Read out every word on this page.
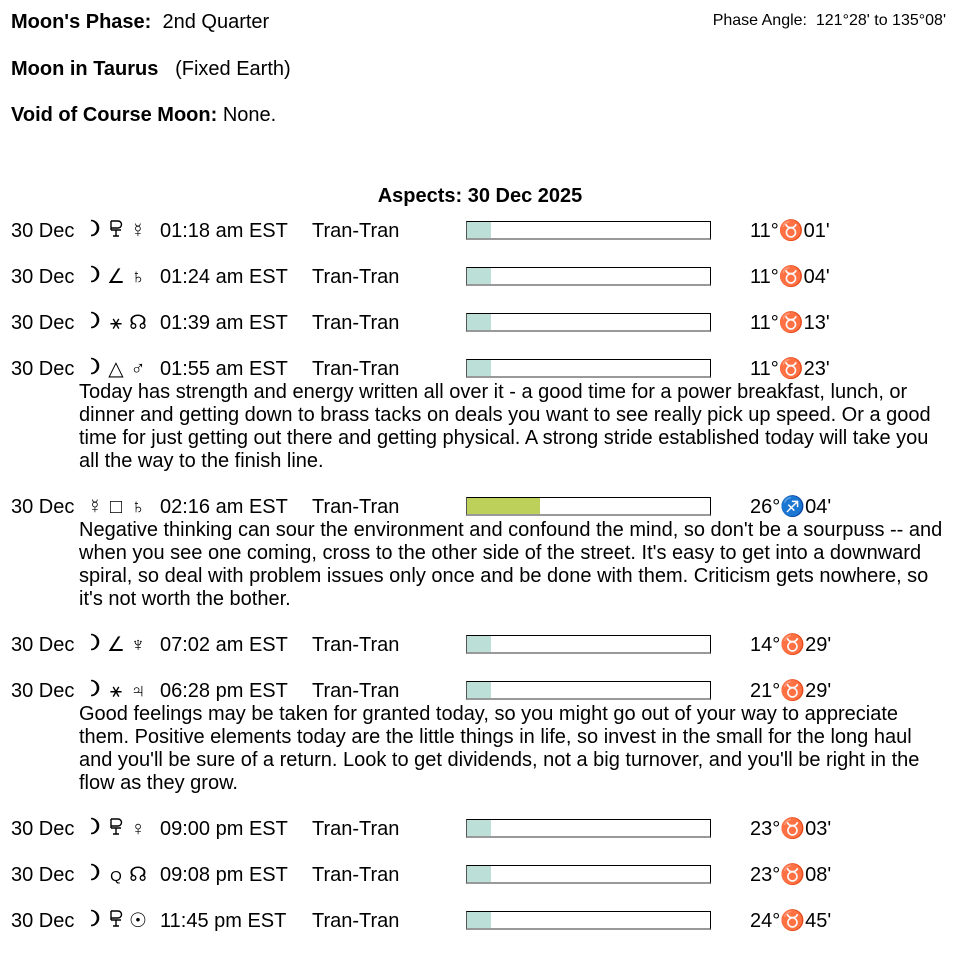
Moon's Phase: 2nd Quarter	Phase Angle: 121°28' to 135°08'
Moon in Taurus (Fixed Earth)
Void of Course Moon: None.
Aspects: 30 Dec 2025
30 Dec	☿ 01:18 am EST Tran-Tran	11°♉01'
30 Dec	∠ ♄ 01:24 am EST Tran-Tran	11°♉04'
30 Dec	⚹ ☊ 01:39 am EST Tran-Tran	11°♉13'
30 Dec	△ ♂ 01:55 am EST Tran-Tran	11°♉23'
Today has strength and energy written all over it - a good time for a power breakfast, lunch, or dinner and getting down to brass tacks on deals you want to see really pick up speed. Or a good time for just getting out there and getting physical. A strong stride established today will take you all the way to the finish line.
30 Dec ☿ □ ♄ 02:16 am EST Tran-Tran	26°♐04'
Negative thinking can sour the environment and confound the mind, so don't be a sourpuss -- and when you see one coming, cross to the other side of the street. It's easy to get into a downward spiral, so deal with problem issues only once and be done with them. Criticism gets nowhere, so it's not worth the bother.
30 Dec	∠ ♆ 07:02 am EST Tran-Tran	14°♉29'
30 Dec	⚹ ♃ 06:28 pm EST Tran-Tran	21°♉29'
Good feelings may be taken for granted today, so you might go out of your way to appreciate them. Positive elements today are the little things in life, so invest in the small for the long haul and you'll be sure of a return. Look to get dividends, not a big turnover, and you'll be right in the flow as they grow.
30 Dec	♀ 09:00 pm EST Tran-Tran	23°♉03'
30 Dec	Q ☊ 09:08 pm EST Tran-Tran	23°♉08'
30 Dec	☉ 11:45 pm EST Tran-Tran	24°♉45'
